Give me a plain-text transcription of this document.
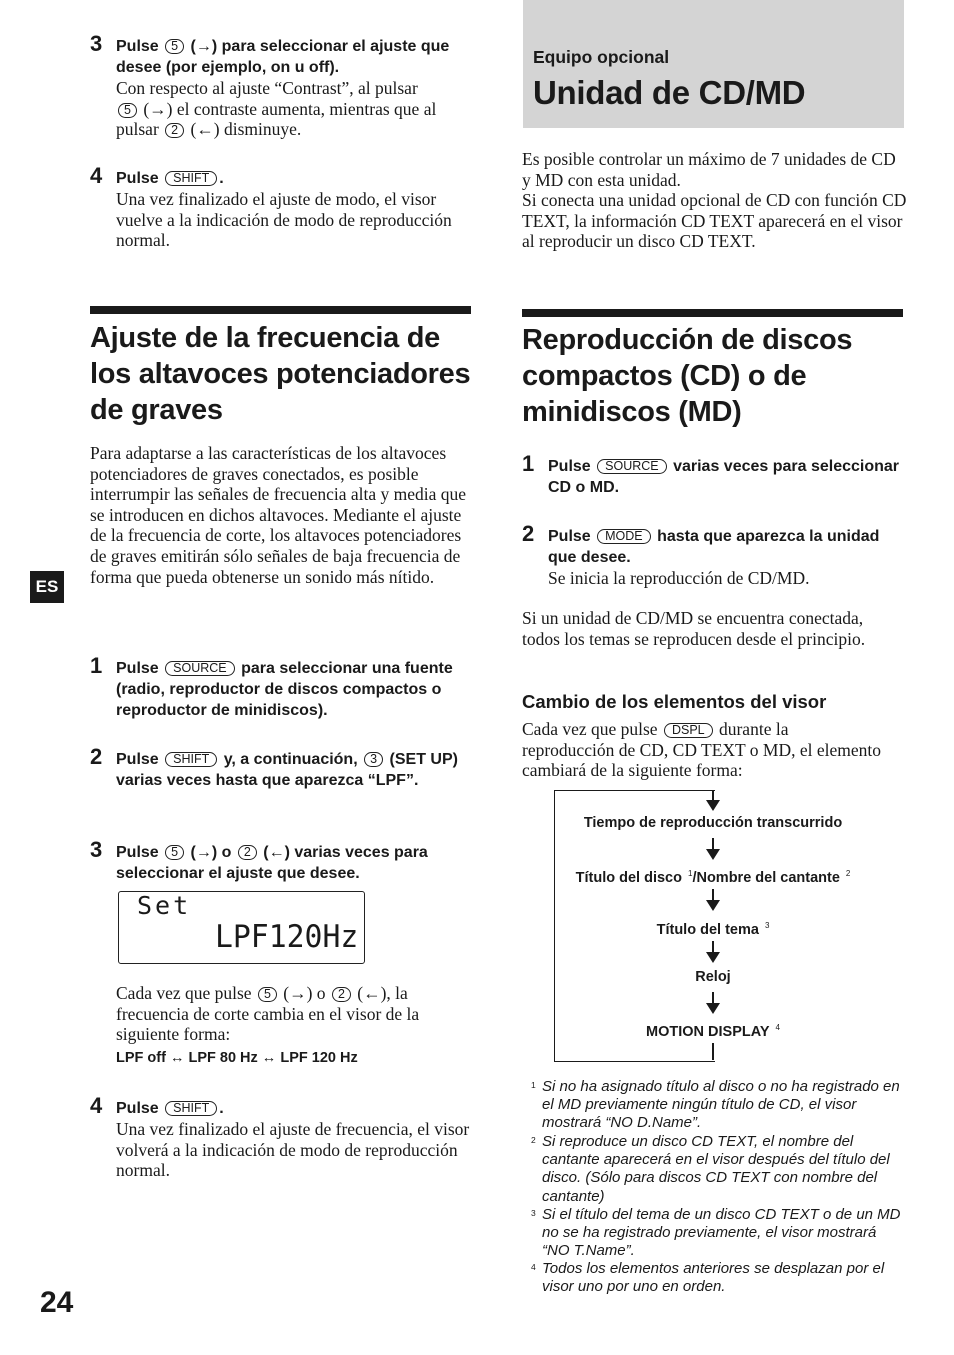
3 Pulse 5 (→) para seleccionar el ajuste que desee (por ejemplo, on u off).
Con respecto al ajuste “Contrast”, al pulsar
5 (→) el contraste aumenta, mientras que al pulsar 2 (←) disminuye.
4 Pulse SHIFT .
Una vez finalizado el ajuste de modo, el visor vuelve a la indicación de modo de reproducción normal.
Ajuste de la frecuencia de los altavoces potenciadores de graves
Para adaptarse a las características de los altavoces potenciadores de graves conectados, es posible interrumpir las señales de frecuencia alta y media que se introducen en dichos altavoces. Mediante el ajuste de la frecuencia de corte, los altavoces potenciadores de graves emitirán sólo señales de baja frecuencia de forma que pueda obtenerse un sonido más nítido.
1 Pulse SOURCE para seleccionar una fuente (radio, reproductor de discos compactos o reproductor de minidiscos).
2 Pulse SHIFT y, a continuación, 3 (SET UP) varias veces hasta que aparezca “LPF”.
3 Pulse 5 (→) o 2 (←) varias veces para seleccionar el ajuste que desee.
Set
LPF120Hz
Cada vez que pulse 5 (→) o 2 (←), la frecuencia de corte cambia en el visor de la siguiente forma:
LPF off ↔ LPF 80 Hz ↔ LPF 120 Hz
4 Pulse SHIFT .
Una vez finalizado el ajuste de frecuencia, el visor volverá a la indicación de modo de reproducción normal.
ES
24
Equipo opcional
Unidad de CD/MD
Es posible controlar un máximo de 7 unidades de CD y MD con esta unidad.
Si conecta una unidad opcional de CD con función CD TEXT, la información CD TEXT aparecerá en el visor al reproducir un disco CD TEXT.
Reproducción de discos compactos (CD) o de minidiscos (MD)
1 Pulse SOURCE varias veces para seleccionar CD o MD.
2 Pulse MODE hasta que aparezca la unidad que desee.
Se inicia la reproducción de CD/MD.
Si un unidad de CD/MD se encuentra conectada, todos los temas se reproducen desde el principio.
Cambio de los elementos del visor
Cada vez que pulse DSPL durante la reproducción de CD, CD TEXT o MD, el elemento cambiará de la siguiente forma:
Tiempo de reproducción transcurrido
Título del disco $^1$/Nombre del cantante $^2$
Título del tema $^3$
Reloj
MOTION DISPLAY $^4$
1 Si no ha asignado título al disco o no ha registrado en el MD previamente ningún título de CD, el visor mostrará “NO D.Name”.
2 Si reproduce un disco CD TEXT, el nombre del cantante aparecerá en el visor después del título del disco. (Sólo para discos CD TEXT con nombre del cantante)
3 Si el título del tema de un disco CD TEXT o de un MD no se ha registrado previamente, el visor mostrará “NO T.Name”.
4 Todos los elementos anteriores se desplazan por el visor uno por uno en orden.
